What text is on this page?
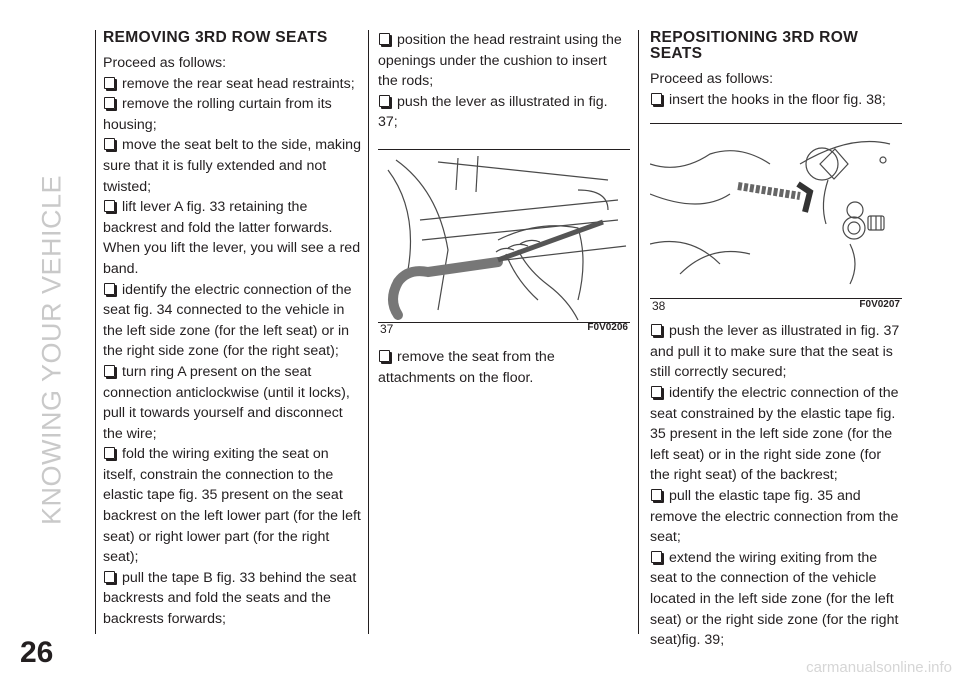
KNOWING YOUR VEHICLE
26	carmanualsonline.info
REMOVING 3RD ROW SEATS

Proceed as follows:

remove the rear seat head restraints;

remove the rolling curtain from its housing;

move the seat belt to the side, making sure that it is fully extended and not twisted;

lift lever A fig. 33 retaining the backrest and fold the latter forwards. When you lift the lever, you will see a red band.

identify the electric connection of the seat fig. 34 connected to the vehicle in the left side zone (for the left seat) or in the right side zone (for the right seat);

turn ring A present on the seat connection anticlockwise (until it locks), pull it towards yourself and disconnect the wire;

fold the wiring exiting the seat on itself, constrain the connection to the elastic tape fig. 35 present on the seat backrest on the left lower part (for the left seat) or right lower part (for the right seat);

pull the tape B fig. 33 behind the seat backrests and fold the seats and the backrests forwards;

position the head restraint using the openings under the cushion to insert the rods;

push the lever as illustrated in fig. 37;

37	F0V0206

remove the seat from the attachments on the floor.

REPOSITIONING 3RD ROW SEATS

Proceed as follows:

insert the hooks in the floor fig. 38;

38	F0V0207

push the lever as illustrated in fig. 37 and pull it to make sure that the seat is still correctly secured;

identify the electric connection of the seat constrained by the elastic tape fig. 35 present in the left side zone (for the left seat) or in the right side zone (for the right seat) of the backrest;

pull the elastic tape fig. 35 and remove the electric connection from the seat;

extend the wiring exiting from the seat to the connection of the vehicle located in the left side zone (for the left seat) or the right side zone (for the right seat)fig. 39;
